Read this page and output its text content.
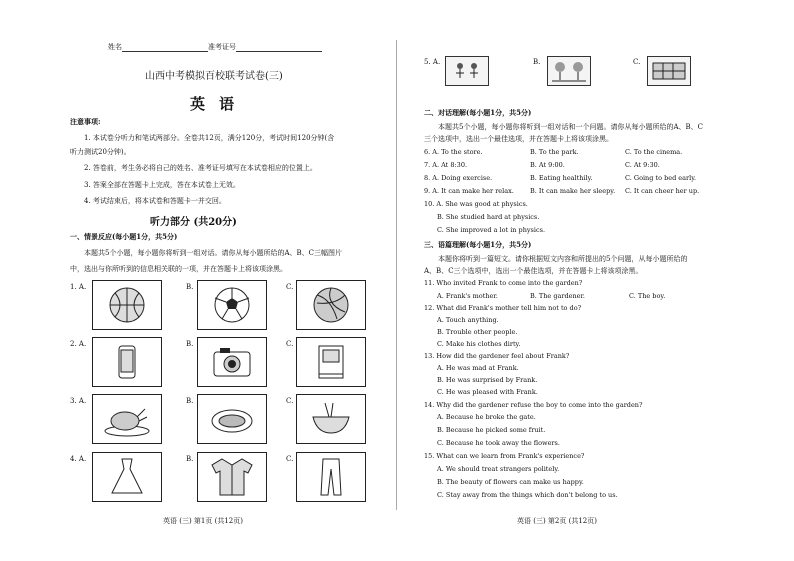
姓名	准考证号
山西中考模拟百校联考试卷(三)
英语
注意事项:
1. 本试卷分听力和笔试两部分。全卷共12页，满分120分，考试时间120分钟(含
听力测试20分钟)。
2. 答卷前，考生务必将自己的姓名、准考证号填写在本试卷相应的位置上。
3. 答案全部在答题卡上完成，答在本试卷上无效。
4. 考试结束后，将本试卷和答题卡一并交回。
听力部分 (共20分)
一、情景反应(每小题1分，共5分)
本题共5个小题，每小题你将听到一组对话。请你从每小题所给的A、B、C三幅图片
中，选出与你所听到的信息相关联的一项，并在答题卡上将该项涂黑。
1. A.	B.	C.
2. A.	B.	C.
3. A.	B.	C.
4. A.	B.	C.
英语 (三) 第1页 (共12页)
5. A.	B.	C.
二、对话理解(每小题1分，共5分)
本题共5个小题，每小题你将听到一组对话和一个问题。请你从每小题所给的A、B、C
三个选项中，选出一个最佳选项，并在答题卡上将该项涂黑。
6. A. To the store.	B. To the park.	C. To the cinema.
7. A. At 8:30.	B. At 9:00.	C. At 9:30.
8. A. Doing exercise.	B. Eating healthily.	C. Going to bed early.
9. A. It can make her relax. B. It can make her sleepy. C. It can cheer her up.
10. A. She was good at physics.
B. She studied hard at physics.
C. She improved a lot in physics.
三、语篇理解(每小题1分，共5分)
本题你将听到一篇短文。请你根据短文内容和所提出的5个问题，从每小题所给的
A、B、C三个选项中，选出一个最佳选项，并在答题卡上将该项涂黑。
11. Who invited Frank to come into the garden?
A. Frank's mother.	B. The gardener.	C. The boy.
12. What did Frank's mother tell him not to do?
A. Touch anything.
B. Trouble other people.
C. Make his clothes dirty.
13. How did the gardener feel about Frank?
A. He was mad at Frank.
B. He was surprised by Frank.
C. He was pleased with Frank.
14. Why did the gardener refuse the boy to come into the garden?
A. Because he broke the gate.
B. Because he picked some fruit.
C. Because he took away the flowers.
15. What can we learn from Frank's experience?
A. We should treat strangers politely.
B. The beauty of flowers can make us happy.
C. Stay away from the things which don't belong to us.
英语 (三) 第2页 (共12页)
